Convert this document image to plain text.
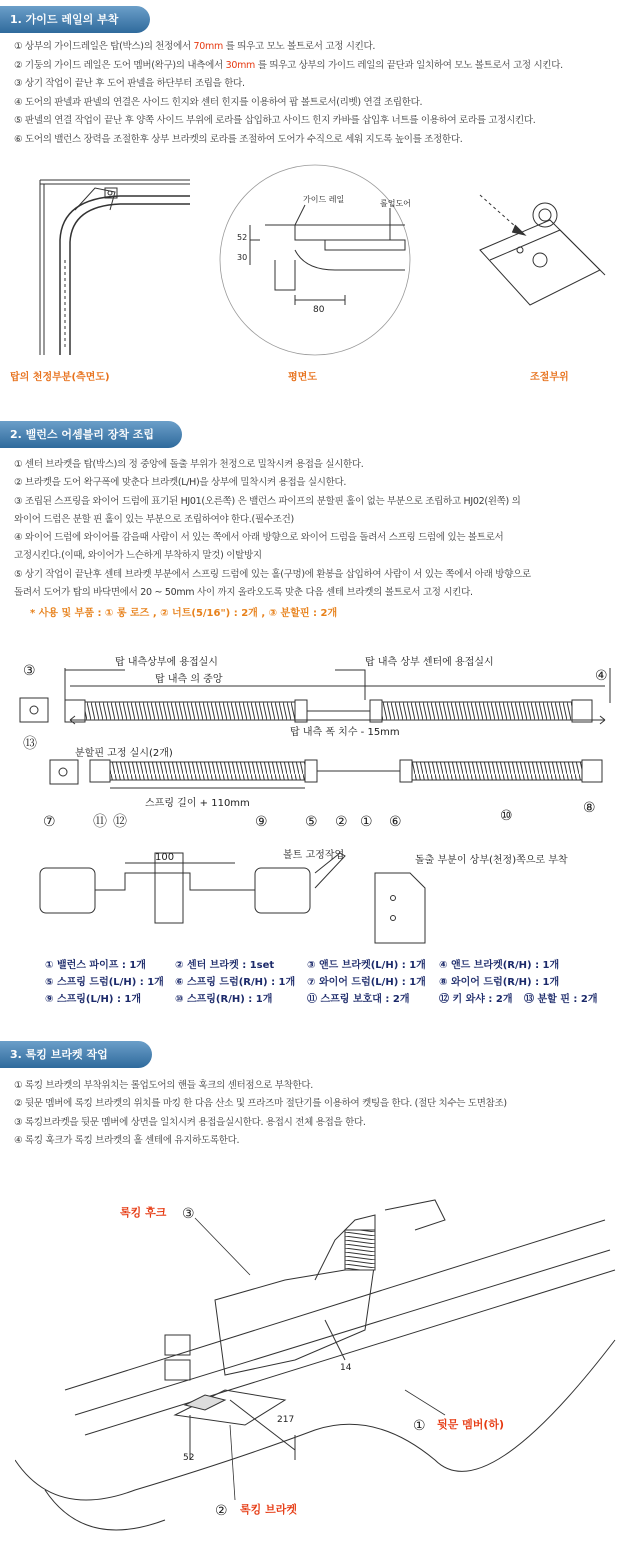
1. 가이드 레일의 부착
① 상부의 가이드레일은 탑(박스)의 천정에서 70mm 를 띄우고 모노 볼트로서 고정 시킨다.
② 기둥의 가이드 레일은 도어 멤버(왁구)의 내측에서 30mm 를 띄우고 상부의 가이드 레일의 끝단과 일치하여 모노 볼트로서 고정 시킨다.
③ 상기 작업이 끝난 후 도어 판넬을 하단부터 조립을 한다.
④ 도어의 판넬과 판넬의 연결은 사이드 힌지와 센터 힌지를 이용하여 팝 볼트로서(리벳) 연결 조립한다.
⑤ 판넬의 연결 작업이 끝난 후 양쪽 사이드 부위에 로라를 삽입하고 사이드 힌지 카바를 삽입후 너트를 이용하여 로라를 고정시킨다.
⑥ 도어의 밸런스 장력을 조절한후 상부 브라켓의 로라를 조절하여 도어가 수직으로 세워 지도록 높이를 조정한다.
가이드 레일	롤업도어
52
30
80
탑의 천정부분(측면도)	평면도	조절부위
2. 밸런스 어셈블리 장착 조립
① 센터 브라켓을 탑(박스)의 정 중앙에 돌출 부위가 천정으로 밀착시켜 용접을 실시한다.
② 브라켓을 도어 왁구폭에 맞춘다 브라켓(L/H)을 상부에 밀착시켜 용접을 실시한다.
③ 조립된 스프링을 와이어 드럼에 표기된 HJ01(오른쪽) 은 밸런스 파이프의 분할핀 홀이 없는 부분으로 조립하고 HJ02(왼쪽) 의
와이어 드럼은 분할 핀 홀이 있는 부분으로 조립하여야 한다.(필수조건)
④ 와이어 드럼에 와이어를 감을때 사람이 서 있는 쪽에서 아래 방향으로 와이어 드럼을 돌려서 스프링 드럼에 있는 볼트로서
고정시킨다.(이때, 와이어가 느슨하게 부착하지 말것) 이탈방지
⑤ 상기 작업이 끝난후 센테 브라켓 부분에서 스프링 드럼에 있는 홀(구멍)에 환봉을 삽입하여 사람이 서 있는 쪽에서 아래 방향으로
돌려서 도어가 탑의 바닥면에서 20 ~ 50mm 사이 까지 올라오도록 맞춘 다음 센테 브라켓의 볼트로서 고정 시킨다.
* 사용 및 부품 : ① 롱 로즈 , ② 너트(5/16") : 2개 , ③ 분할핀 : 2개
탑 내측상부에 용접실시	탑 내측 상부 센터에 용접실시
탑 내측 의 중앙
탑 내측 폭 치수 - 15mm
분할핀 고정 실시(2개)
스프링 길이 + 110mm
100	볼트 고정작업	돌출 부분이 상부(천정)쪽으로 부착
③
⑬
④
⑦	⑪ ⑫	⑨	⑤ ② ① ⑥	⑩	⑧
① 밸런스 파이프 : 1개	② 센터 브라켓 : 1set	③ 앤드 브라켓(L/H) : 1개 ④ 앤드 브라켓(R/H) : 1개
⑤ 스프링 드럼(L/H) : 1개 ⑥ 스프링 드럼(R/H) : 1개 ⑦ 와이어 드럼(L/H) : 1개 ⑧ 와이어 드럼(R/H) : 1개
⑨ 스프링(L/H) : 1개	⑩ 스프링(R/H) : 1개	⑪ 스프링 보호대 : 2개	⑫ 키 와샤 : 2개 ⑬ 분할 핀 : 2개
3. 록킹 브라켓 작업
① 록킹 브라켓의 부착위치는 롤업도어의 핸들 훅크의 센터점으로 부착한다.
② 뒷문 멤버에 록킹 브라켓의 위치를 마킹 한 다음 산소 및 프라즈마 절단기를 이용하여 켓팅을 한다. (절단 치수는 도면참조)
③ 록킹브라켓을 뒷문 멤버에 상면을 일치시켜 용접을실시한다. 용접시 전체 용접을 한다.
④ 록킹 훅크가 록킹 브라켓의 홀 센테에 유지하도록한다.
록킹 후크 ③
① 뒷문 멤버(하)
② 록킹 브라켓
217
52
14
